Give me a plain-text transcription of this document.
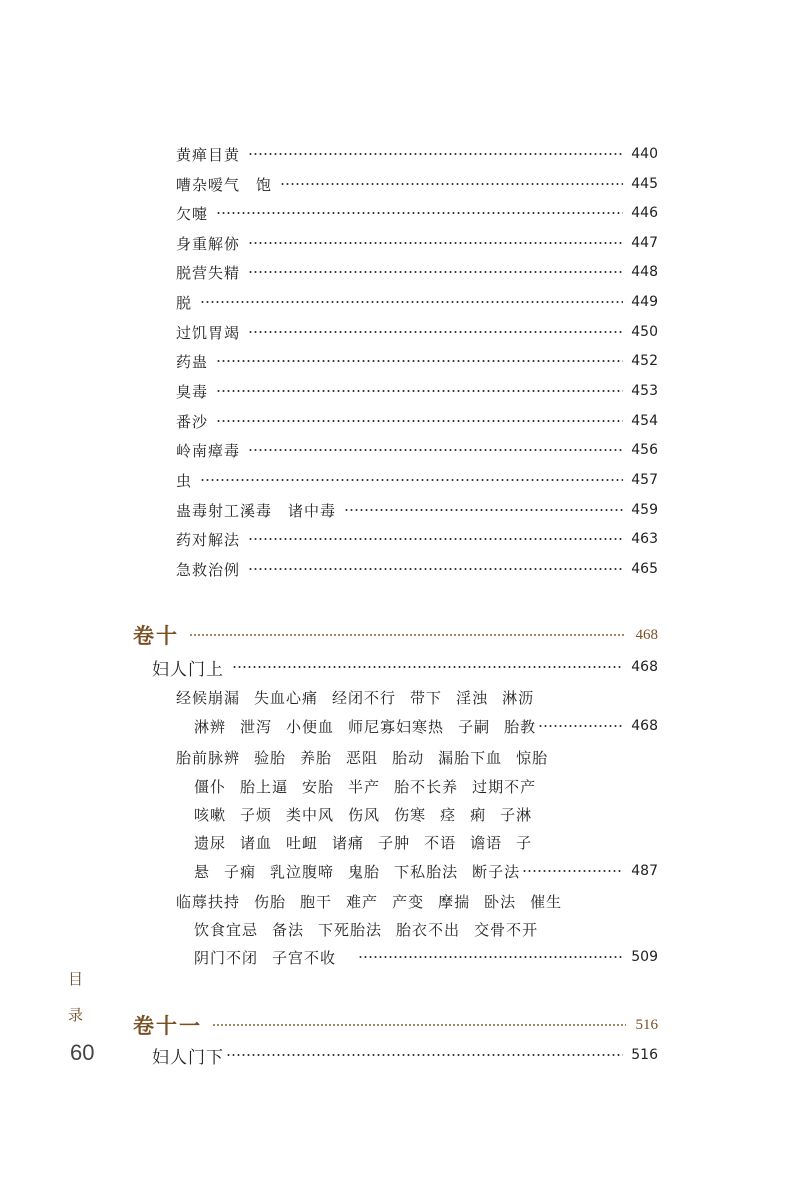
黄瘅目黄	440
嘈杂嗳气　饱	445
欠嚏	446
身重解㑊	447
脱营失精	448
脱	449
过饥胃竭	450
药蛊	452
臭毒	453
番沙	454
岭南瘴毒	456
虫	457
蛊毒射工溪毒　诸中毒	459
药对解法	463
急救治例	465
卷十	468
妇人门上	468
经候崩漏 失血心痛 经闭不行 带下 淫浊 淋沥
淋辨 泄泻 小便血 师尼寡妇寒热 子嗣 胎教	468
胎前脉辨 验胎 养胎 恶阻 胎动 漏胎下血 惊胎
僵仆 胎上逼 安胎 半产 胎不长养 过期不产
咳嗽 子烦 类中风 伤风 伤寒 痉 痢 子淋
遗尿 诸血 吐衄 诸痛 子肿 不语 谵语 子
悬 子痫 乳泣腹啼 鬼胎 下私胎法 断子法	487
临蓐扶持 伤胎 胞干 难产 产变 摩揣 卧法 催生
饮食宜忌 备法 下死胎法 胎衣不出 交骨不开
阴门不闭 子宫不收	509
目
录 卷十一	516
妇人门下	516
60
